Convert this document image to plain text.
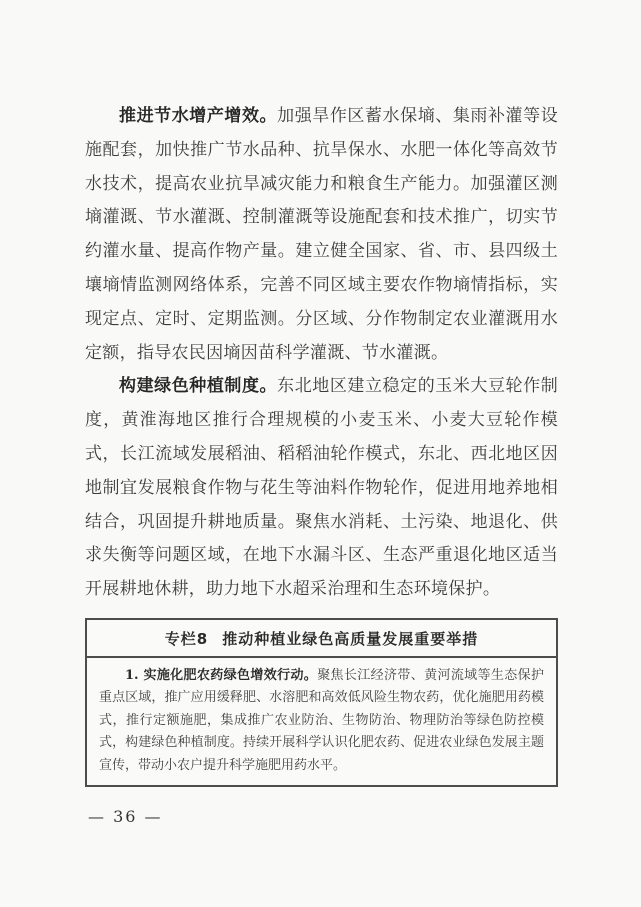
推进节水增产增效。加强旱作区蓄水保墒、集雨补灌等设施配套，加快推广节水品种、抗旱保水、水肥一体化等高效节水技术，提高农业抗旱减灾能力和粮食生产能力。加强灌区测墒灌溉、节水灌溉、控制灌溉等设施配套和技术推广，切实节约灌水量、提高作物产量。建立健全国家、省、市、县四级土壤墒情监测网络体系，完善不同区域主要农作物墒情指标，实现定点、定时、定期监测。分区域、分作物制定农业灌溉用水定额，指导农民因墒因苗科学灌溉、节水灌溉。

构建绿色种植制度。东北地区建立稳定的玉米大豆轮作制度，黄淮海地区推行合理规模的小麦玉米、小麦大豆轮作模式，长江流域发展稻油、稻稻油轮作模式，东北、西北地区因地制宜发展粮食作物与花生等油料作物轮作，促进用地养地相结合，巩固提升耕地质量。聚焦水消耗、土污染、地退化、供求失衡等问题区域，在地下水漏斗区、生态严重退化地区适当开展耕地休耕，助力地下水超采治理和生态环境保护。

专栏8 推动种植业绿色高质量发展重要举措

1. 实施化肥农药绿色增效行动。聚焦长江经济带、黄河流域等生态保护重点区域，推广应用缓释肥、水溶肥和高效低风险生物农药，优化施肥用药模式，推行定额施肥，集成推广农业防治、生物防治、物理防治等绿色防控模式，构建绿色种植制度。持续开展科学认识化肥农药、促进农业绿色发展主题宣传，带动小农户提升科学施肥用药水平。

— 36 —
